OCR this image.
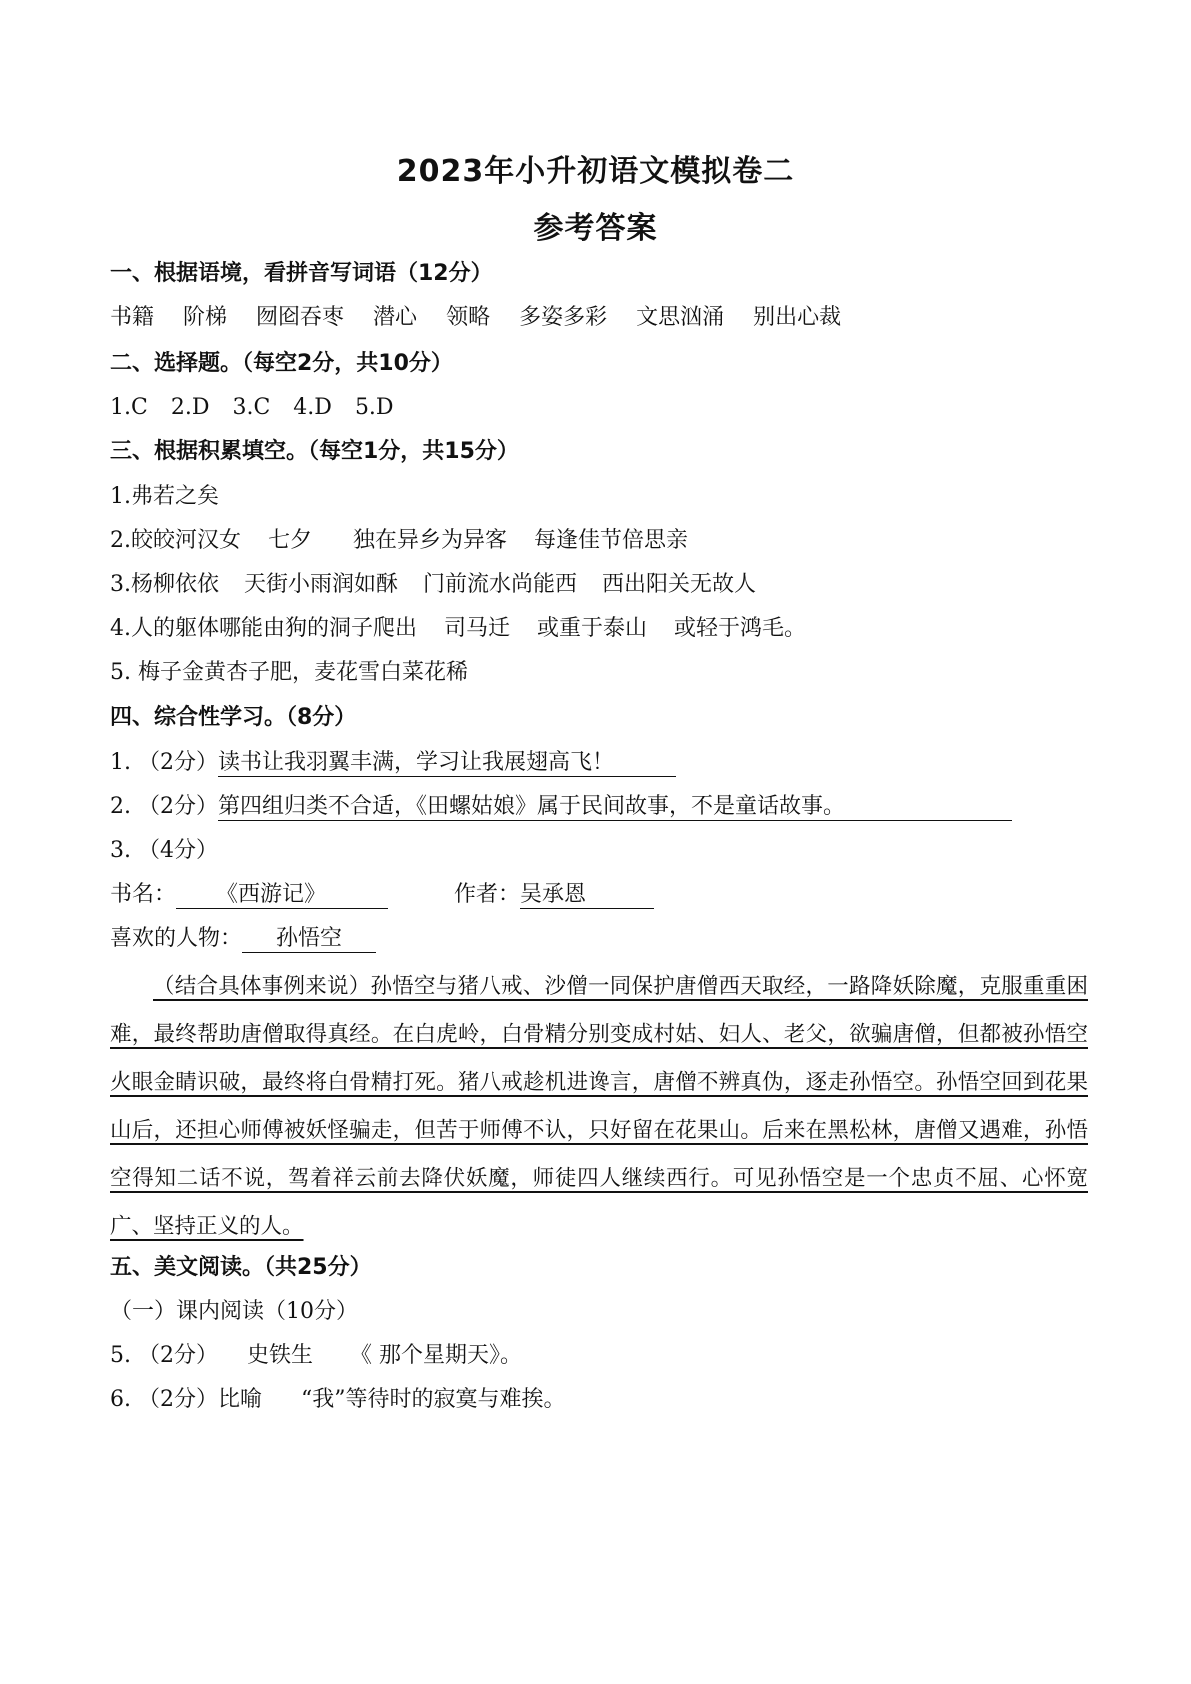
2023年小升初语文模拟卷二
参考答案
一、根据语境，看拼音写词语（12分）
书籍 阶梯 囫囵吞枣 潜心 领略 多姿多彩 文思汹涌 别出心裁
二、选择题。（每空2分，共10分）
1.C 2.D 3.C 4.D 5.D
三、根据积累填空。（每空1分，共15分）
1.弗若之矣
2.皎皎河汉女 七夕 独在异乡为异客 每逢佳节倍思亲
3.杨柳依依 天街小雨润如酥 门前流水尚能西 西出阳关无故人
4.人的躯体哪能由狗的洞子爬出 司马迁 或重于泰山 或轻于鸿毛。
5. 梅子金黄杏子肥，麦花雪白菜花稀
四、综合性学习。（8分）
1. （2分）读书让我羽翼丰满，学习让我展翅高飞！
2. （2分）第四组归类不合适，《田螺姑娘》属于民间故事，不是童话故事。
3. （4分）
书名： 《西游记》	作者：吴承恩
喜欢的人物： 孙悟空
（结合具体事例来说）孙悟空与猪八戒、沙僧一同保护唐僧西天取经，一路降妖除魔，克服重重困难，最终帮助唐僧取得真经。在白虎岭，白骨精分别变成村姑、妇人、老父，欲骗唐僧，但都被孙悟空火眼金睛识破，最终将白骨精打死。猪八戒趁机进谗言，唐僧不辨真伪，逐走孙悟空。孙悟空回到花果山后，还担心师傅被妖怪骗走，但苦于师傅不认，只好留在花果山。后来在黑松林，唐僧又遇难，孙悟空得知二话不说，驾着祥云前去降伏妖魔，师徒四人继续西行。可见孙悟空是一个忠贞不屈、心怀宽广、坚持正义的人。
五、美文阅读。（共25分）
（一）课内阅读（10分）
5. （2分） 史铁生 《 那个星期天》。
6. （2分）比喻 “我”等待时的寂寞与难挨。
